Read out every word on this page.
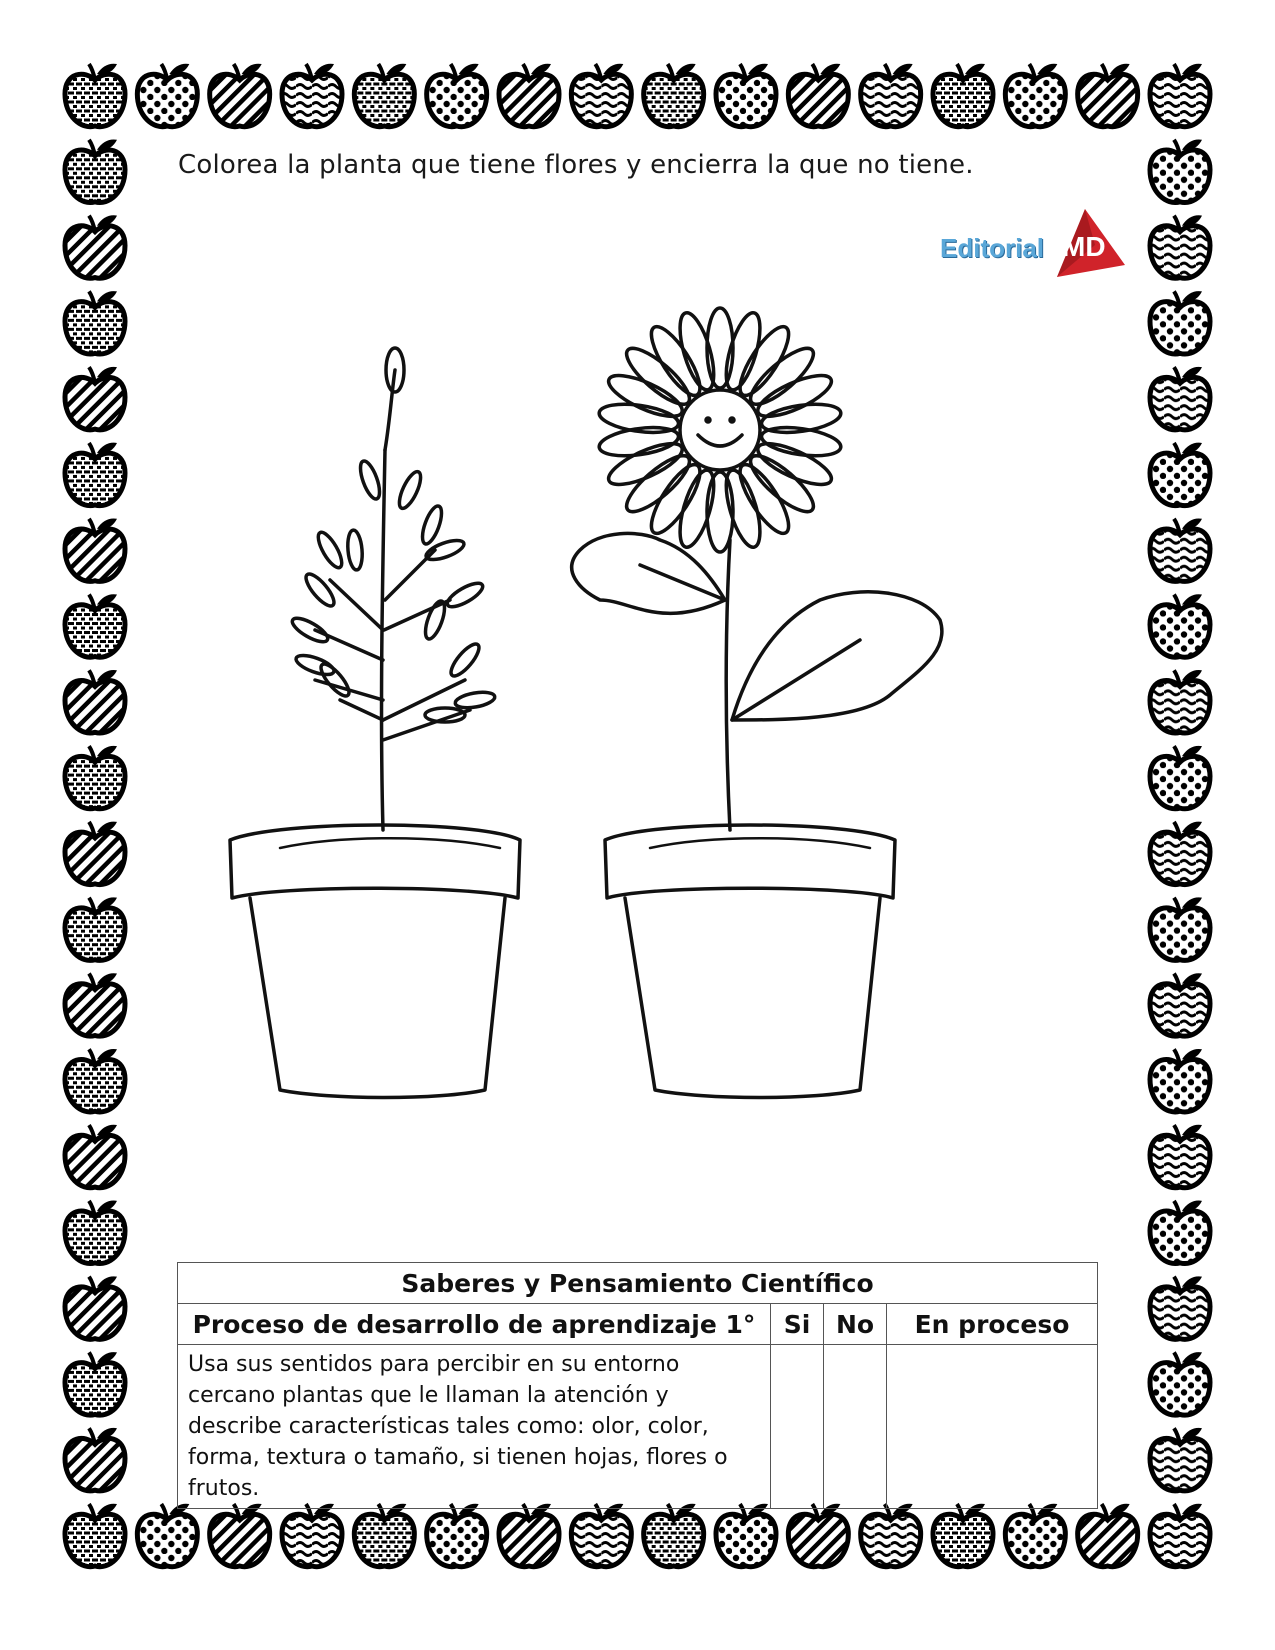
Colorea la planta que tiene flores y encierra la que no tiene.
Editorial MD
Saberes y Pensamiento Científico			
Proceso de desarrollo de aprendizaje 1°	Si	No	En proceso
Usa sus sentidos para percibir en su entorno cercano plantas que le llaman la atención y describe características tales como: olor, color, forma, textura o tamaño, si tienen hojas, flores o frutos.			
